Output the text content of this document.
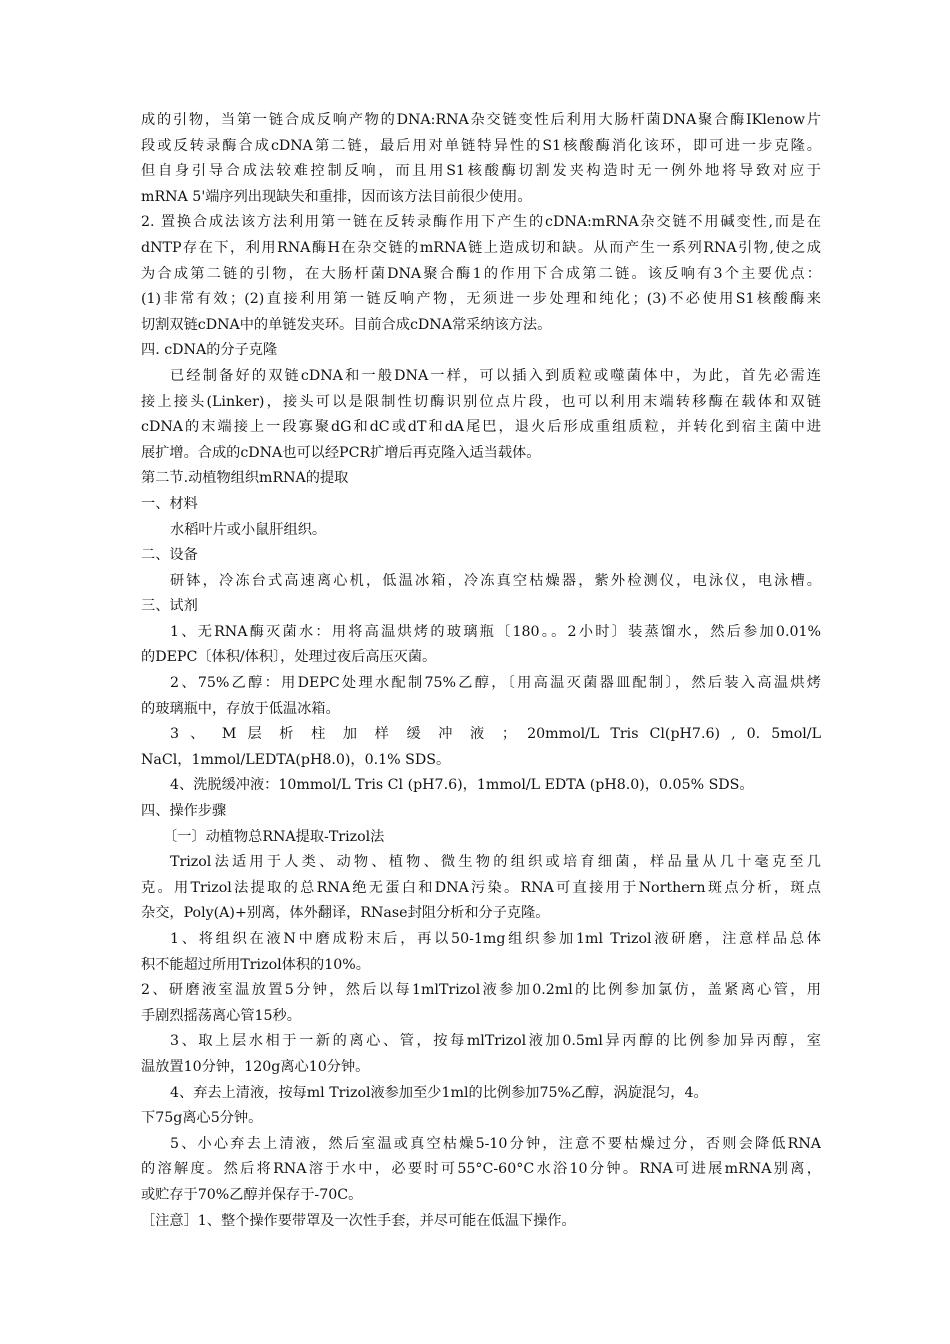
成的引物，当第一链合成反响产物的DNA:RNA杂交链变性后利用大肠杆菌DNA聚合酶IKlenow片
段或反转录酶合成cDNA第二链，最后用对单链特异性的S1核酸酶消化该环，即可进一步克隆。
但自身引导合成法较难控制反响，而且用S1核酸酶切割发夹构造时无一例外地将导致对应于
mRNA 5'端序列出现缺失和重排，因而该方法目前很少使用。
2. 置换合成法该方法利用第一链在反转录酶作用下产生的cDNA:mRNA杂交链不用碱变性,而是在
dNTP存在下，利用RNA酶H在杂交链的mRNA链上造成切和缺。从而产生一系列RNA引物,使之成
为合成第二链的引物，在大肠杆菌DNA聚合酶1的作用下合成第二链。该反响有3个主要优点：
(1)非常有效；(2)直接利用第一链反响产物，无须进一步处理和纯化；(3)不必使用S1核酸酶来
切割双链cDNA中的单链发夹环。目前合成cDNA常采纳该方法。
四. cDNA的分子克隆
已经制备好的双链cDNA和一般DNA一样，可以插入到质粒或噬菌体中，为此，首先必需连
接上接头(Linker)，接头可以是限制性切酶识别位点片段，也可以利用末端转移酶在载体和双链
cDNA的末端接上一段寡聚dG和dC或dT和dA尾巴，退火后形成重组质粒，并转化到宿主菌中进
展扩增。合成的cDNA也可以经PCR扩增后再克隆入适当载体。
第二节.动植物组织mRNA的提取
一、材料
水稻叶片或小鼠肝组织。
二、设备
研钵，冷冻台式高速离心机，低温冰箱，冷冻真空枯燥器，紫外检测仪，电泳仪，电泳槽。
三、试剂
1、无RNA酶灭菌水：用将高温烘烤的玻璃瓶〔180。。2小时〕装蒸馏水，然后参加0.01%
的DEPC〔体积/体积〕，处理过夜后高压灭菌。
2、75%乙醇：用DEPC处理水配制75%乙醇，〔用高温灭菌器皿配制〕，然后装入高温烘烤
的玻璃瓶中，存放于低温冰箱。
3 、 M 层 析 柱 加 样 缓 冲 液 ； 20mmol/L Tris Cl(pH7.6) , 0. 5mol/L
NaCl，1mmol/LEDTA(pH8.0)，0.1% SDS。
4、洗脱缓冲液：10mmol/L Tris Cl (pH7.6)，1mmol/L EDTA (pH8.0)，0.05% SDS。
四、操作步骤
〔一〕动植物总RNA提取-Trizol法
Trizol法适用于人类、动物、植物、微生物的组织或培育细菌，样品量从几十毫克至几
克。用Trizol法提取的总RNA绝无蛋白和DNA污染。RNA可直接用于Northern斑点分析，斑点
杂交，Poly(A)+别离，体外翻译，RNase封阻分析和分子克隆。
1、将组织在液N中磨成粉末后，再以50-1mg组织参加1ml Trizol液研磨，注意样品总体
积不能超过所用Trizol体积的10%。
2、研磨液室温放置5分钟，然后以每1mlTrizol液参加0.2ml的比例参加氯仿，盖紧离心管，用
手剧烈摇荡离心管15秒。
3、取上层水相于一新的离心、管，按每mlTrizol液加0.5ml异丙醇的比例参加异丙醇，室
温放置10分钟，120g离心10分钟。
4、弃去上清液，按每ml Trizol液参加至少1ml的比例参加75%乙醇，涡旋混匀，4。
下75g离心5分钟。
5、小心弃去上清液，然后室温或真空枯燥5-10分钟，注意不要枯燥过分，否则会降低RNA
的溶解度。然后将RNA溶于水中，必要时可55°C-60°C水浴10分钟。RNA可进展mRNA别离，
或贮存于70%乙醇并保存于-70C。
［注意］1、整个操作要带罩及一次性手套，并尽可能在低温下操作。
